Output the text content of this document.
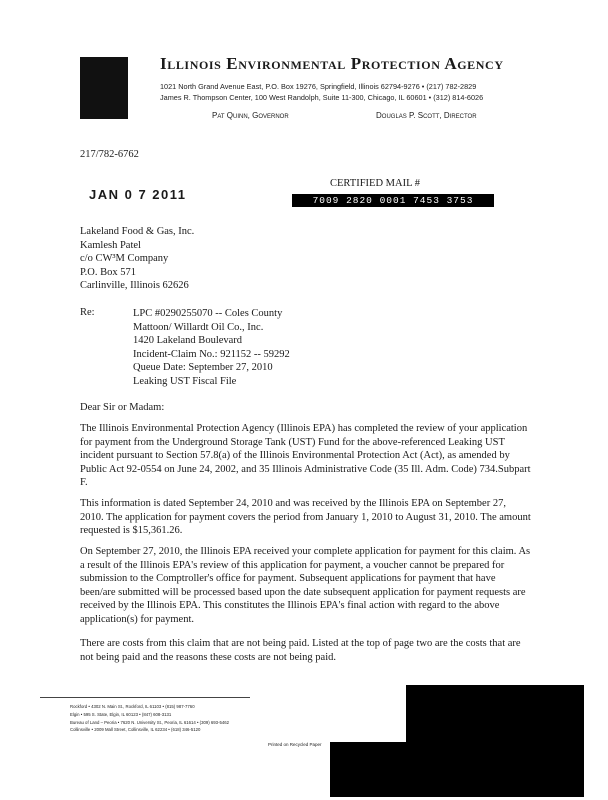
Illinois Environmental Protection Agency
1021 North Grand Avenue East, P.O. Box 19276, Springfield, Illinois 62794-9276 • (217) 782-2829
James R. Thompson Center, 100 West Randolph, Suite 11-300, Chicago, IL 60601 • (312) 814-6026
Pat Quinn, Governor	Douglas P. Scott, Director
217/782-6762
JAN 0 7 2011
CERTIFIED MAIL #
7009 2820 0001 7453 3753
Lakeland Food & Gas, Inc.
Kamlesh Patel
c/o CW³M Company
P.O. Box 571
Carlinville, Illinois 62626
Re:	LPC #0290255070 -- Coles County
Mattoon/ Willardt Oil Co., Inc.
1420 Lakeland Boulevard
Incident-Claim No.: 921152 -- 59292
Queue Date: September 27, 2010
Leaking UST Fiscal File
Dear Sir or Madam:
The Illinois Environmental Protection Agency (Illinois EPA) has completed the review of your application for payment from the Underground Storage Tank (UST) Fund for the above-referenced Leaking UST incident pursuant to Section 57.8(a) of the Illinois Environmental Protection Act (Act), as amended by Public Act 92-0554 on June 24, 2002, and 35 Illinois Administrative Code (35 Ill. Adm. Code) 734.Subpart F.
This information is dated September 24, 2010 and was received by the Illinois EPA on September 27, 2010. The application for payment covers the period from January 1, 2010 to August 31, 2010. The amount requested is $15,361.26.
On September 27, 2010, the Illinois EPA received your complete application for payment for this claim. As a result of the Illinois EPA's review of this application for payment, a voucher cannot be prepared for submission to the Comptroller's office for payment. Subsequent applications for payment that have been/are submitted will be processed based upon the date subsequent application for payment requests are received by the Illinois EPA. This constitutes the Illinois EPA's final action with regard to the above application(s) for payment.
There are costs from this claim that are not being paid. Listed at the top of page two are the costs that are not being paid and the reasons these costs are not being paid.
Rockford • 4302 N. Main St., Rockford, IL 61103 • (815) 987-7760
Elgin • 595 S. State, Elgin, IL 60123 • (847) 608-3131
Bureau of Land – Peoria • 7620 N. University St., Peoria, IL 61614 • (309) 693-5462
Collinsville • 2009 Mall Street, Collinsville, IL 62234 • (618) 346-5120
Printed on Recycled Paper
